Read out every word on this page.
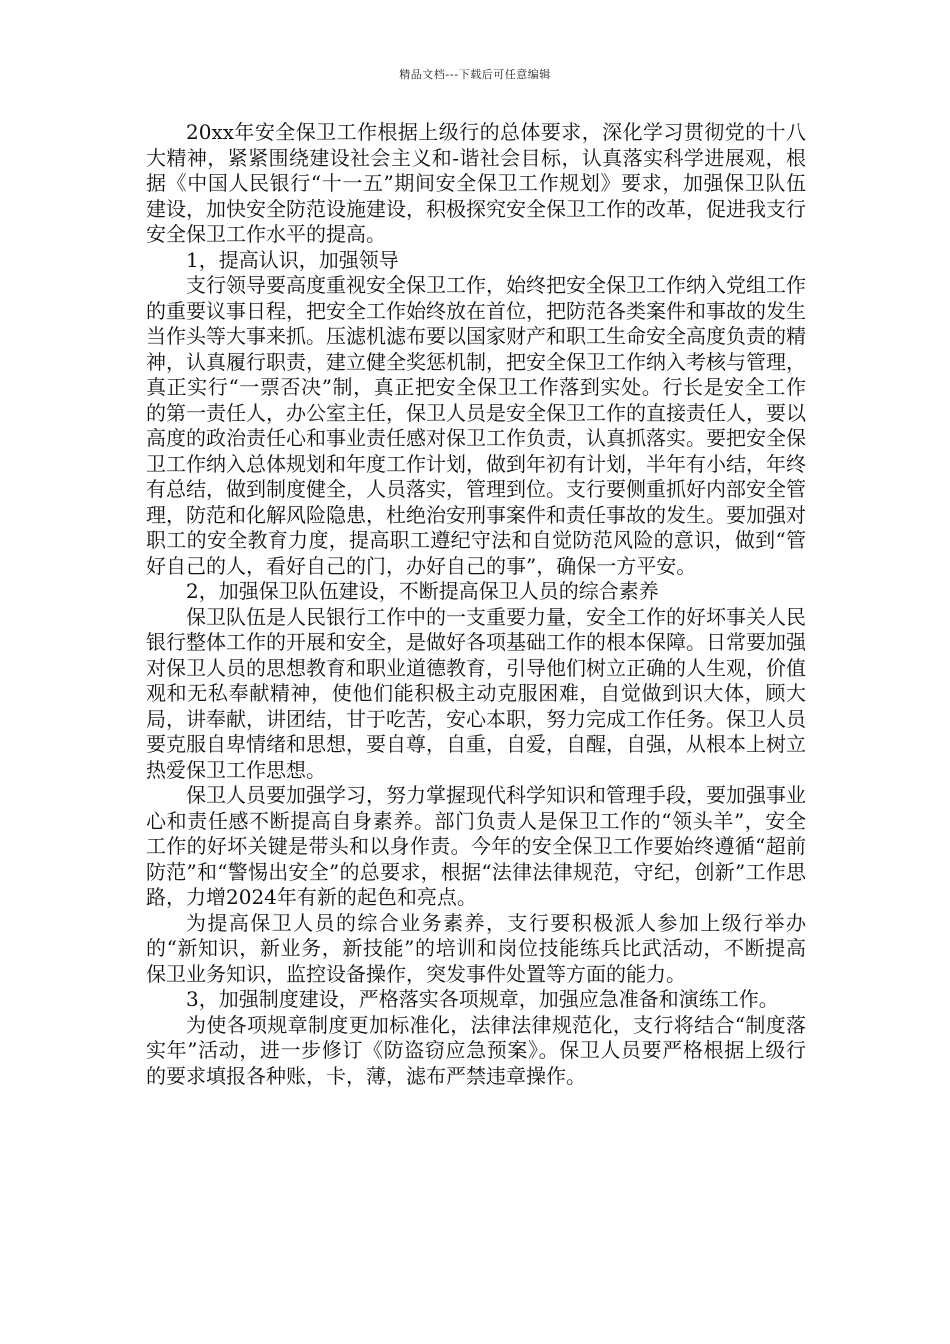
精品文档---下载后可任意编辑

20xx年安全保卫工作根据上级行的总体要求，深化学习贯彻党的十八大精神，紧紧围绕建设社会主义和-谐社会目标，认真落实科学进展观，根据《中国人民银行“十一五”期间安全保卫工作规划》要求，加强保卫队伍建设，加快安全防范设施建设，积极探究安全保卫工作的改革，促进我支行安全保卫工作水平的提高。

1，提高认识，加强领导

支行领导要高度重视安全保卫工作，始终把安全保卫工作纳入党组工作的重要议事日程，把安全工作始终放在首位，把防范各类案件和事故的发生当作头等大事来抓。压滤机滤布要以国家财产和职工生命安全高度负责的精神，认真履行职责，建立健全奖惩机制，把安全保卫工作纳入考核与管理，真正实行“一票否决”制，真正把安全保卫工作落到实处。行长是安全工作的第一责任人，办公室主任，保卫人员是安全保卫工作的直接责任人，要以高度的政治责任心和事业责任感对保卫工作负责，认真抓落实。要把安全保卫工作纳入总体规划和年度工作计划，做到年初有计划，半年有小结，年终有总结，做到制度健全，人员落实，管理到位。支行要侧重抓好内部安全管理，防范和化解风险隐患，杜绝治安刑事案件和责任事故的发生。要加强对职工的安全教育力度，提高职工遵纪守法和自觉防范风险的意识，做到“管好自己的人，看好自己的门，办好自己的事”，确保一方平安。

2，加强保卫队伍建设，不断提高保卫人员的综合素养

保卫队伍是人民银行工作中的一支重要力量，安全工作的好坏事关人民银行整体工作的开展和安全，是做好各项基础工作的根本保障。日常要加强对保卫人员的思想教育和职业道德教育，引导他们树立正确的人生观，价值观和无私奉献精神，使他们能积极主动克服困难，自觉做到识大体，顾大局，讲奉献，讲团结，甘于吃苦，安心本职，努力完成工作任务。保卫人员要克服自卑情绪和思想，要自尊，自重，自爱，自醒，自强，从根本上树立热爱保卫工作思想。

保卫人员要加强学习，努力掌握现代科学知识和管理手段，要加强事业心和责任感不断提高自身素养。部门负责人是保卫工作的“领头羊”，安全工作的好坏关键是带头和以身作责。今年的安全保卫工作要始终遵循“超前防范”和“警惕出安全”的总要求，根据“法律法律规范，守纪，创新”工作思路，力增2024年有新的起色和亮点。

为提高保卫人员的综合业务素养，支行要积极派人参加上级行举办的“新知识，新业务，新技能”的培训和岗位技能练兵比武活动，不断提高保卫业务知识，监控设备操作，突发事件处置等方面的能力。

3，加强制度建设，严格落实各项规章，加强应急准备和演练工作。

为使各项规章制度更加标准化，法律法律规范化，支行将结合“制度落实年”活动，进一步修订《防盗窃应急预案》。保卫人员要严格根据上级行的要求填报各种账，卡，薄，滤布严禁违章操作。
